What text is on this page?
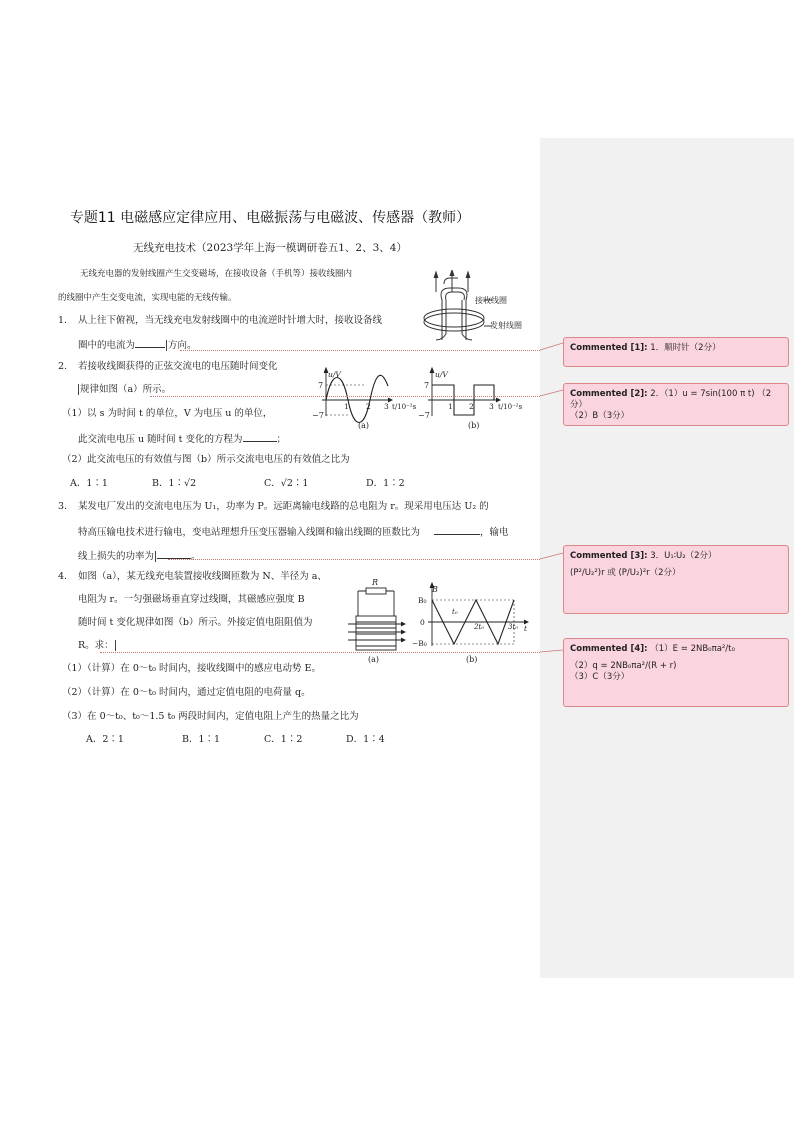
专题11 电磁感应定律应用、电磁振荡与电磁波、传感器（教师）
无线充电技术（2023学年上海一模调研卷五1、2、3、4）
无线充电器的发射线圈产生交变磁场，在接收设备（手机等）接收线圈内
的线圈中产生交变电流，实现电能的无线传输。	接收线圈
发射线圈
1. 从上往下俯视，当无线充电发射线圈中的电流逆时针增大时，接收设备线
圈中的电流为	方向。
2. 若接收线圈获得的正弦交流电的电压随时间变化
规律如图（a）所示。
（1）以 s 为时间 t 的单位，V 为电压 u 的单位，
此交流电电压 u 随时间 t 变化的方程为	；
（2）此交流电压的有效值与图（b）所示交流电电压的有效值之比为
A．1∶1	B．1∶√2	C．√2∶1	D．1∶2
7
−7
u/V
1 2 3 t/10⁻²s
(a)
7
−7
u/V
1 2 3 t/10⁻²s
(b)
3. 某发电厂发出的交流电电压为 U₁，功率为 P。远距离输电线路的总电阻为 r。现采用电压达 U₂ 的
特高压输电技术进行输电，变电站理想升压变压器输入线圈和输出线圈的匝数比为	，输电
线上损失的功率为	。
4. 如图（a），某无线充电装置接收线圈匝数为 N、半径为 a、
电阻为 r。一匀强磁场垂直穿过线圈，其磁感应强度 B
随时间 t 变化规律如图（b）所示。外接定值电阻阻值为
R。求：
（1）（计算）在 0～t₀ 时间内，接收线圈中的感应电动势 E。
（2）（计算）在 0～t₀ 时间内，通过定值电阻的电荷量 q。
（3）在 0～t₀、t₀～1.5 t₀ 两段时间内，定值电阻上产生的热量之比为
A．2∶1	B．1∶1	C．1∶2	D．1∶4
R
(a)
B
B₀
0
−B₀
t₀
2t₀	3t₀ t
(b)
Commented [1]: 1．顺时针（2分）
Commented [2]: 2．（1）u = 7sin(100 π t) （2分）
（2）B（3分）
Commented [3]: 3．U₁∶U₂（2分）
(P²/U₂²)r 或 (P/U₂)²r（2分）
Commented [4]: （1）E = 2NB₀πa²/t₀
（2）q = 2NB₀πa²/(R + r)
（3）C（3分）
